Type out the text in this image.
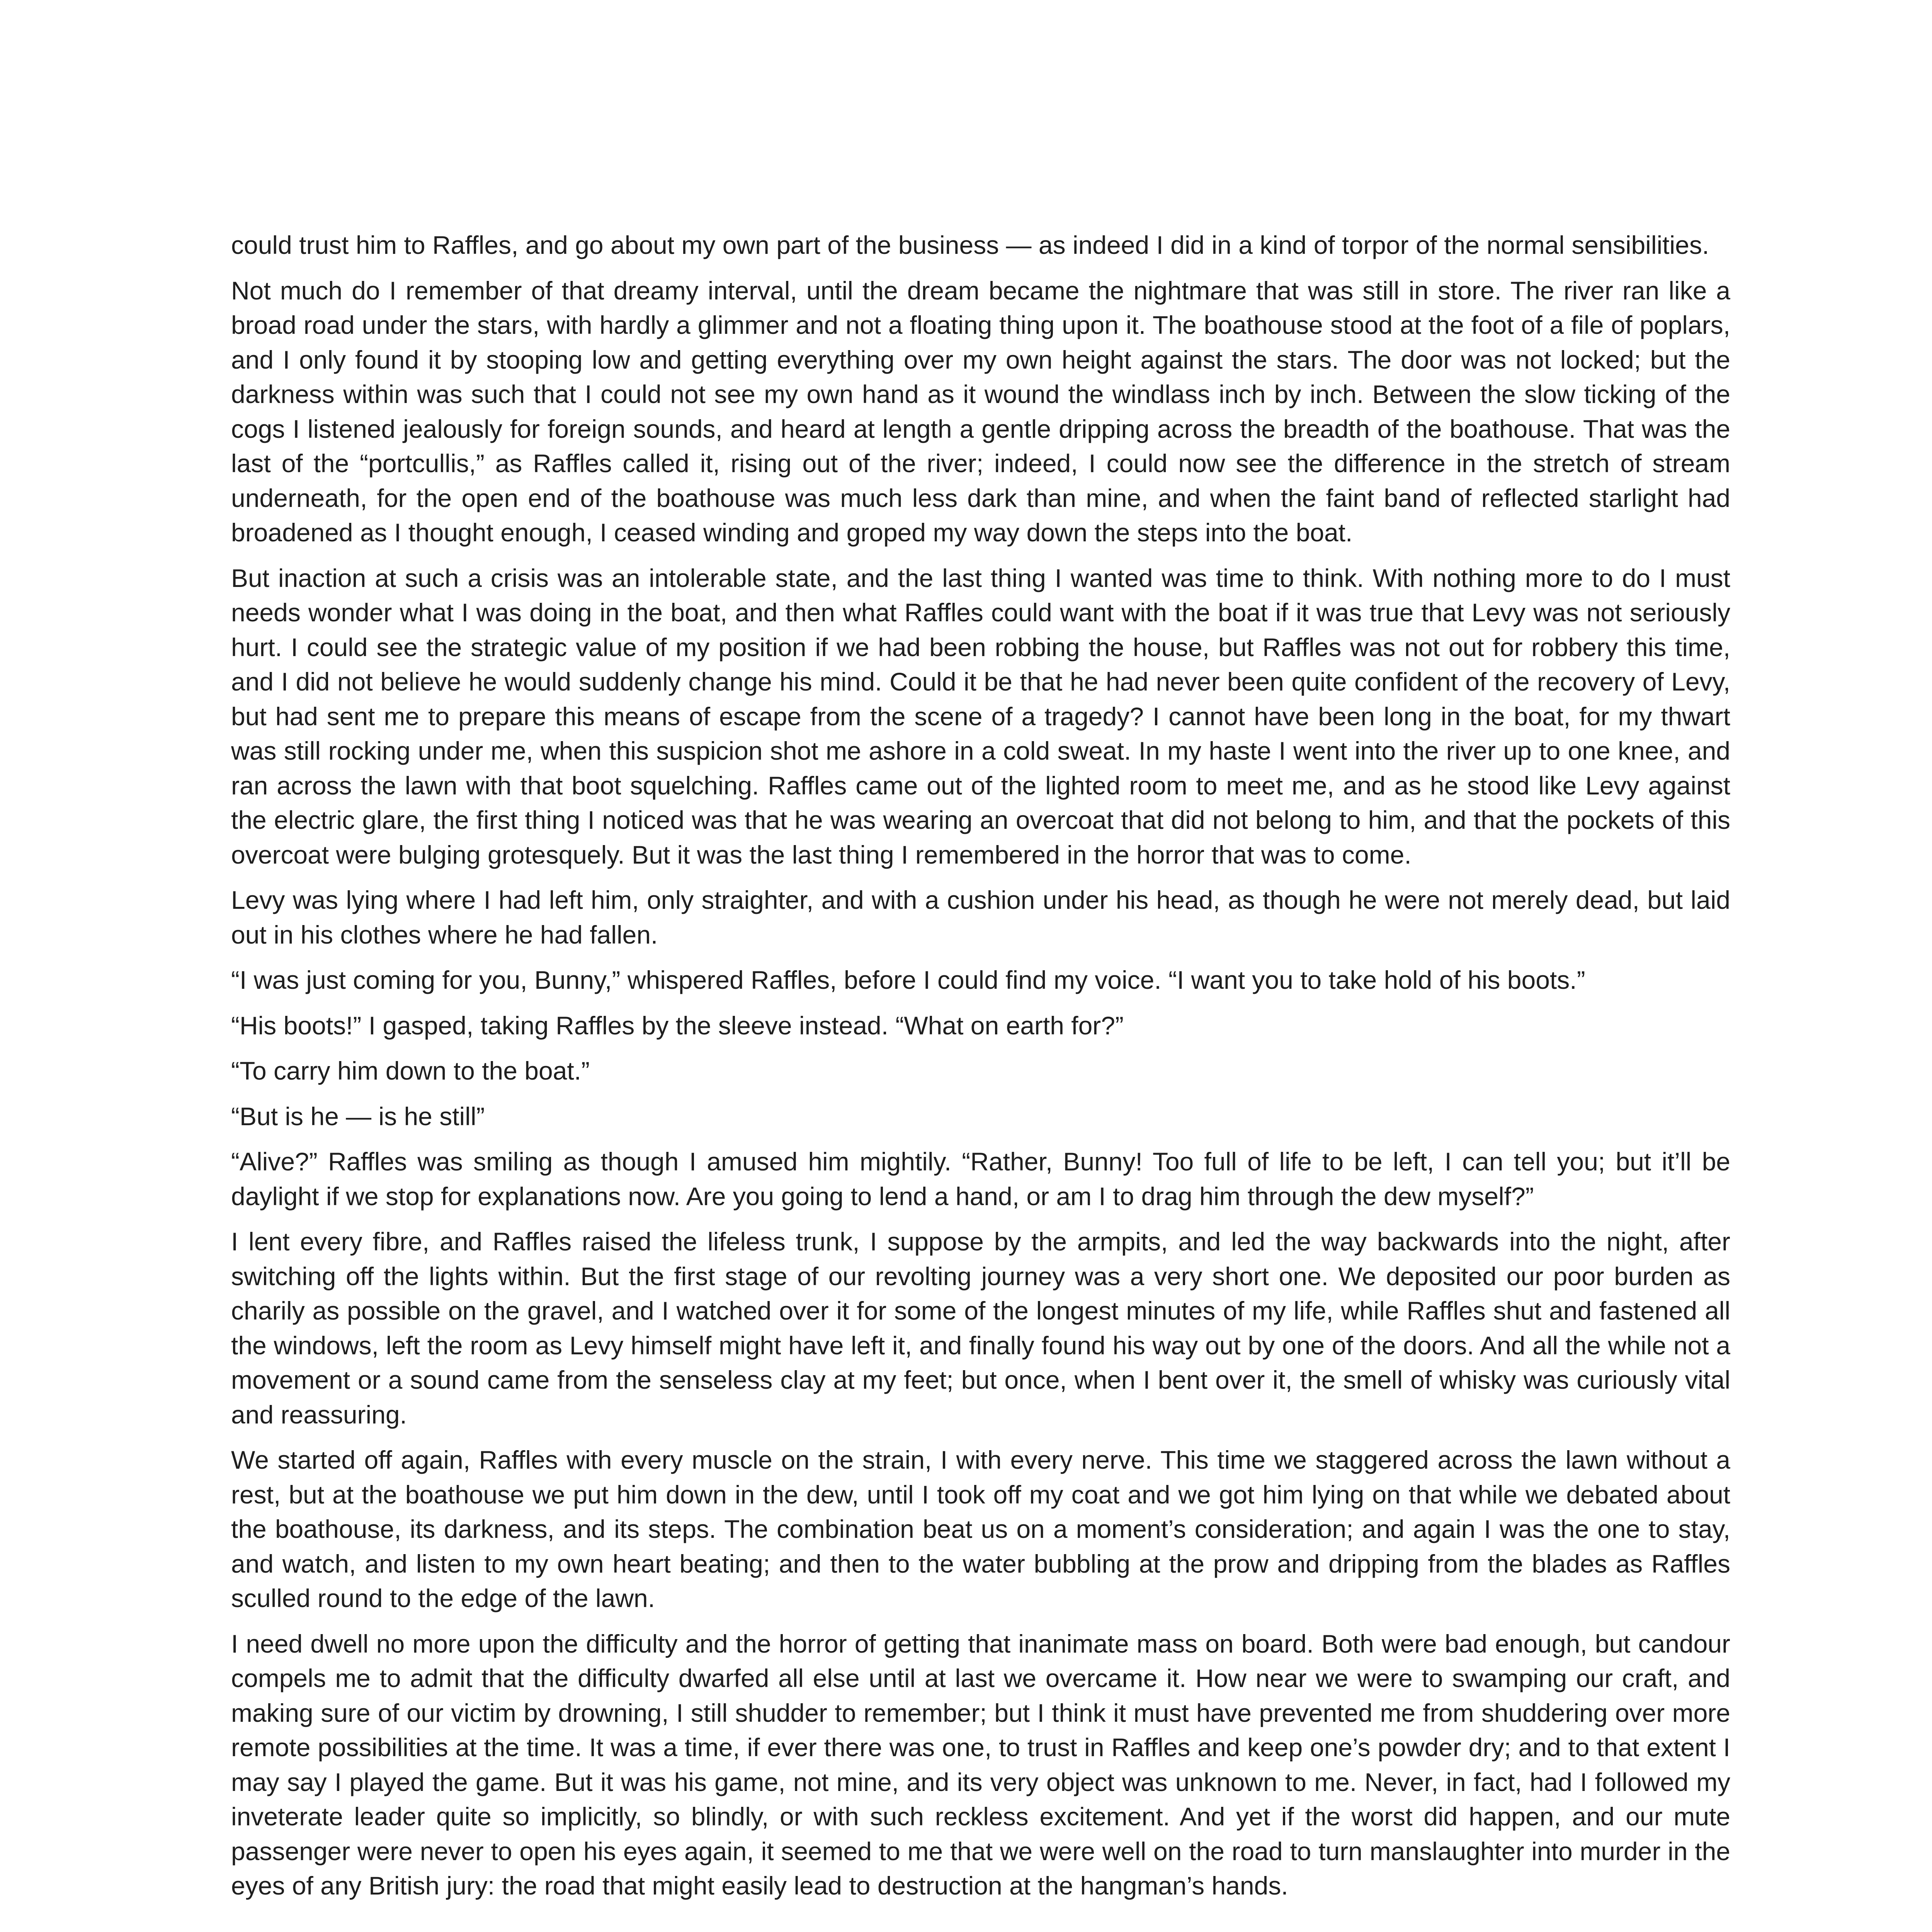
could trust him to Raffles, and go about my own part of the business — as indeed I did in a kind of torpor of the normal sensibilities.

Not much do I remember of that dreamy interval, until the dream became the nightmare that was still in store. The river ran like a broad road under the stars, with hardly a glimmer and not a floating thing upon it. The boathouse stood at the foot of a file of poplars, and I only found it by stooping low and getting everything over my own height against the stars. The door was not locked; but the darkness within was such that I could not see my own hand as it wound the windlass inch by inch. Between the slow ticking of the cogs I listened jealously for foreign sounds, and heard at length a gentle dripping across the breadth of the boathouse. That was the last of the “portcullis,” as Raffles called it, rising out of the river; indeed, I could now see the difference in the stretch of stream underneath, for the open end of the boathouse was much less dark than mine, and when the faint band of reflected starlight had broadened as I thought enough, I ceased winding and groped my way down the steps into the boat.

But inaction at such a crisis was an intolerable state, and the last thing I wanted was time to think. With nothing more to do I must needs wonder what I was doing in the boat, and then what Raffles could want with the boat if it was true that Levy was not seriously hurt. I could see the strategic value of my position if we had been robbing the house, but Raffles was not out for robbery this time, and I did not believe he would suddenly change his mind. Could it be that he had never been quite confident of the recovery of Levy, but had sent me to prepare this means of escape from the scene of a tragedy? I cannot have been long in the boat, for my thwart was still rocking under me, when this suspicion shot me ashore in a cold sweat. In my haste I went into the river up to one knee, and ran across the lawn with that boot squelching. Raffles came out of the lighted room to meet me, and as he stood like Levy against the electric glare, the first thing I noticed was that he was wearing an overcoat that did not belong to him, and that the pockets of this overcoat were bulging grotesquely. But it was the last thing I remembered in the horror that was to come.

Levy was lying where I had left him, only straighter, and with a cushion under his head, as though he were not merely dead, but laid out in his clothes where he had fallen.

“I was just coming for you, Bunny,” whispered Raffles, before I could find my voice. “I want you to take hold of his boots.”

“His boots!” I gasped, taking Raffles by the sleeve instead. “What on earth for?”

“To carry him down to the boat.”

“But is he — is he still”

“Alive?” Raffles was smiling as though I amused him mightily. “Rather, Bunny! Too full of life to be left, I can tell you; but it’ll be daylight if we stop for explanations now. Are you going to lend a hand, or am I to drag him through the dew myself?”

I lent every fibre, and Raffles raised the lifeless trunk, I suppose by the armpits, and led the way backwards into the night, after switching off the lights within. But the first stage of our revolting journey was a very short one. We deposited our poor burden as charily as possible on the gravel, and I watched over it for some of the longest minutes of my life, while Raffles shut and fastened all the windows, left the room as Levy himself might have left it, and finally found his way out by one of the doors. And all the while not a movement or a sound came from the senseless clay at my feet; but once, when I bent over it, the smell of whisky was curiously vital and reassuring.

We started off again, Raffles with every muscle on the strain, I with every nerve. This time we staggered across the lawn without a rest, but at the boathouse we put him down in the dew, until I took off my coat and we got him lying on that while we debated about the boathouse, its darkness, and its steps. The combination beat us on a moment’s consideration; and again I was the one to stay, and watch, and listen to my own heart beating; and then to the water bubbling at the prow and dripping from the blades as Raffles sculled round to the edge of the lawn.

I need dwell no more upon the difficulty and the horror of getting that inanimate mass on board. Both were bad enough, but candour compels me to admit that the difficulty dwarfed all else until at last we overcame it. How near we were to swamping our craft, and making sure of our victim by drowning, I still shudder to remember; but I think it must have prevented me from shuddering over more remote possibilities at the time. It was a time, if ever there was one, to trust in Raffles and keep one’s powder dry; and to that extent I may say I played the game. But it was his game, not mine, and its very object was unknown to me. Never, in fact, had I followed my inveterate leader quite so implicitly, so blindly, or with such reckless excitement. And yet if the worst did happen, and our mute passenger were never to open his eyes again, it seemed to me that we were well on the road to turn manslaughter into murder in the eyes of any British jury: the road that might easily lead to destruction at the hangman’s hands.
